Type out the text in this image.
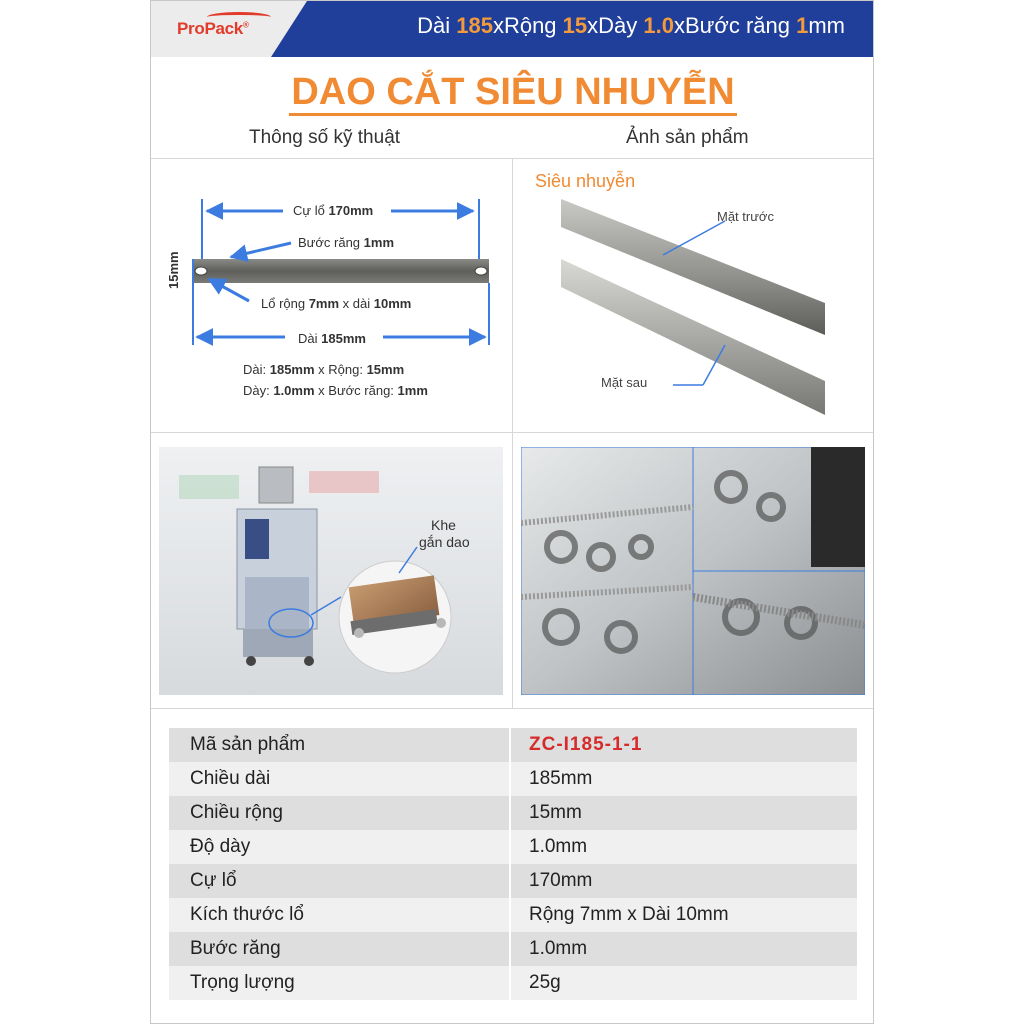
ProPack®	Dài 185xRộng 15xDày 1.0xBước răng 1mm
DAO CẮT SIÊU NHUYỄN
Thông số kỹ thuật	Ảnh sản phẩm
Cự lổ 170mm
Bước răng 1mm
15mm
Lổ rộng 7mm x dài 10mm
Dài 185mm
Dài: 185mm x Rộng: 15mm
Dày: 1.0mm x Bước răng: 1mm
Siêu nhuyễn
Mặt trước
Mặt sau
Khe
gắn dao
Mã sản phẩm	ZC-I185-1-1
Chiều dài	185mm
Chiều rộng	15mm
Độ dày	1.0mm
Cự lổ	170mm
Kích thước lổ	Rộng 7mm x Dài 10mm
Bước răng	1.0mm
Trọng lượng	25g
